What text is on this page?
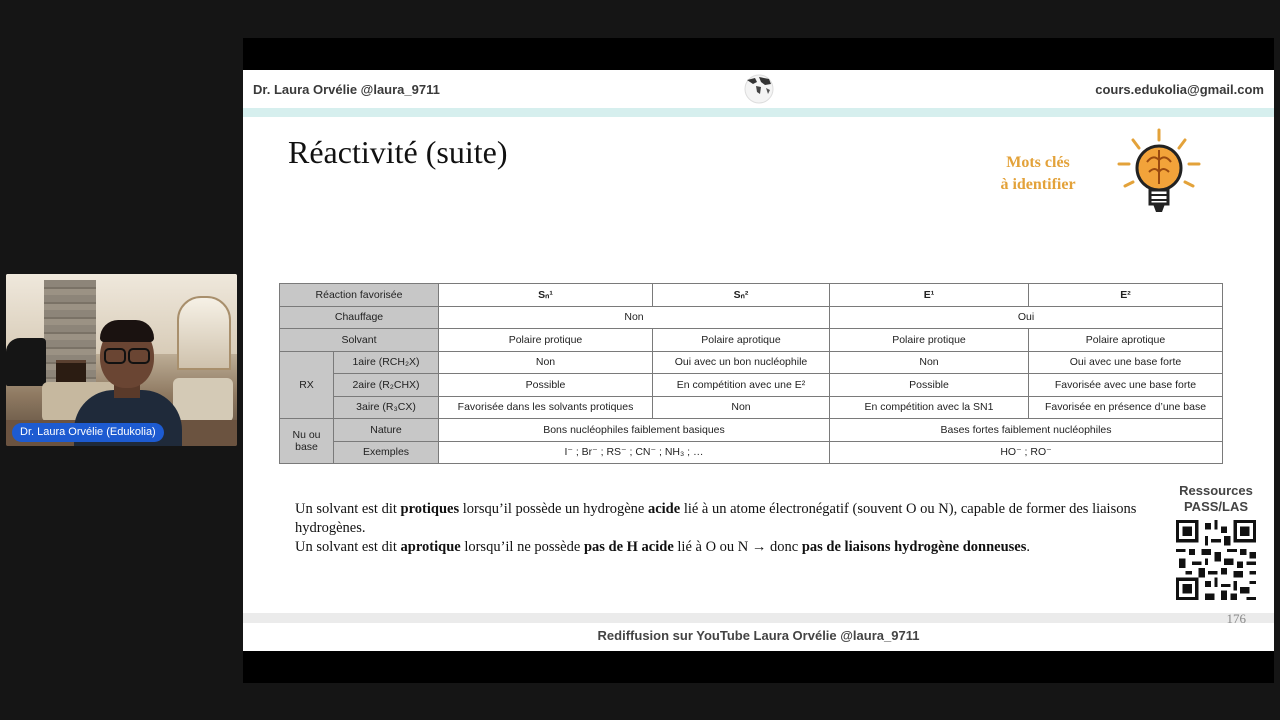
Dr. Laura Orvélie (Edukolia)
Dr. Laura Orvélie @laura_9711	cours.edukolia@gmail.com
Réactivité (suite)	Mots clés
à identifier
Réaction favorisée		Sₙ¹	Sₙ²	E¹	E²
Chauffage		Non		Oui	
Solvant		Polaire protique	Polaire aprotique	Polaire protique	Polaire aprotique
RX	1aire (RCH₂X)	Non	Oui avec un bon nucléophile	Non	Oui avec une base forte
	2aire (R₂CHX)	Possible	En compétition avec une E²	Possible	Favorisée avec une base forte
	3aire (R₃CX)	Favorisée dans les solvants protiques	Non	En compétition avec la SN1	Favorisée en présence d’une base

Nu ou
base	Nature	Bons nucléophiles faiblement basiques		Bases fortes faiblement nucléophiles	
	Exemples	I⁻ ; Br⁻ ; RS⁻ ; CN⁻ ; NH₃ ; …		HO⁻ ; RO⁻	

Un solvant est dit protiques lorsqu’il possède un hydrogène acide lié à un atome électronégatif (souvent O ou N), capable de former des liaisons hydrogènes.

Un solvant est dit aprotique lorsqu’il ne possède pas de H acide lié à O ou N → donc pas de liaisons hydrogène donneuses.

Ressources
PASS/LAS
176
Rediffusion sur YouTube Laura Orvélie @laura_9711
